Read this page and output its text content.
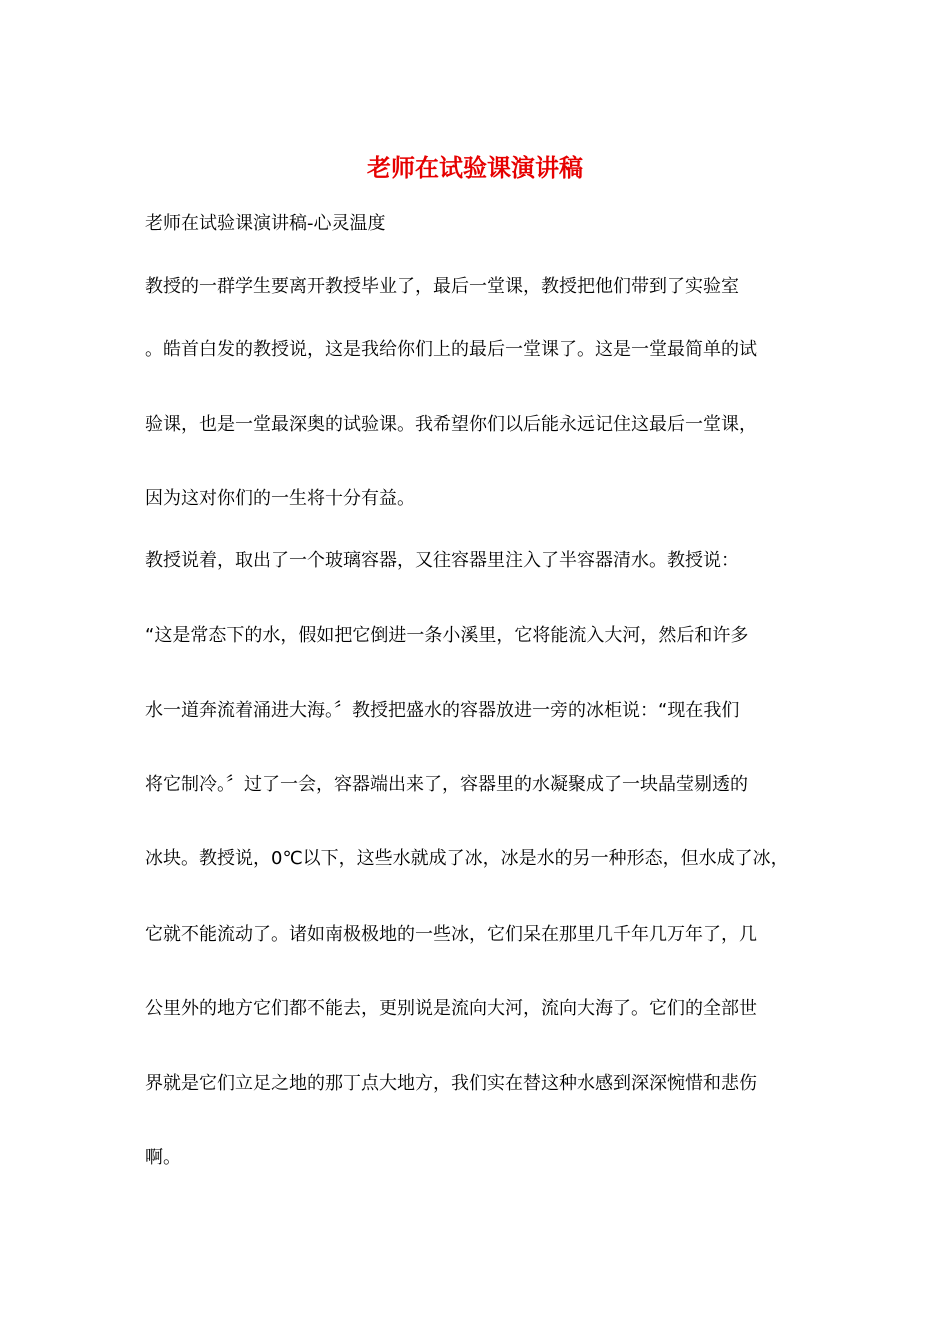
老师在试验课演讲稿

老师在试验课演讲稿-心灵温度

教授的一群学生要离开教授毕业了，最后一堂课，教授把他们带到了实验室

。皓首白发的教授说，这是我给你们上的最后一堂课了。这是一堂最简单的试

验课，也是一堂最深奥的试验课。我希望你们以后能永远记住这最后一堂课，

因为这对你们的一生将十分有益。

教授说着，取出了一个玻璃容器，又往容器里注入了半容器清水。教授说：

“这是常态下的水，假如把它倒进一条小溪里，它将能流入大河，然后和许多

水一道奔流着涌进大海。〞教授把盛水的容器放进一旁的冰柜说：“现在我们

将它制冷。〞过了一会，容器端出来了，容器里的水凝聚成了一块晶莹剔透的

冰块。教授说，0℃以下，这些水就成了冰，冰是水的另一种形态，但水成了冰，

它就不能流动了。诸如南极极地的一些冰，它们呆在那里几千年几万年了，几

公里外的地方它们都不能去，更别说是流向大河，流向大海了。它们的全部世

界就是它们立足之地的那丁点大地方，我们实在替这种水感到深深惋惜和悲伤

啊。
